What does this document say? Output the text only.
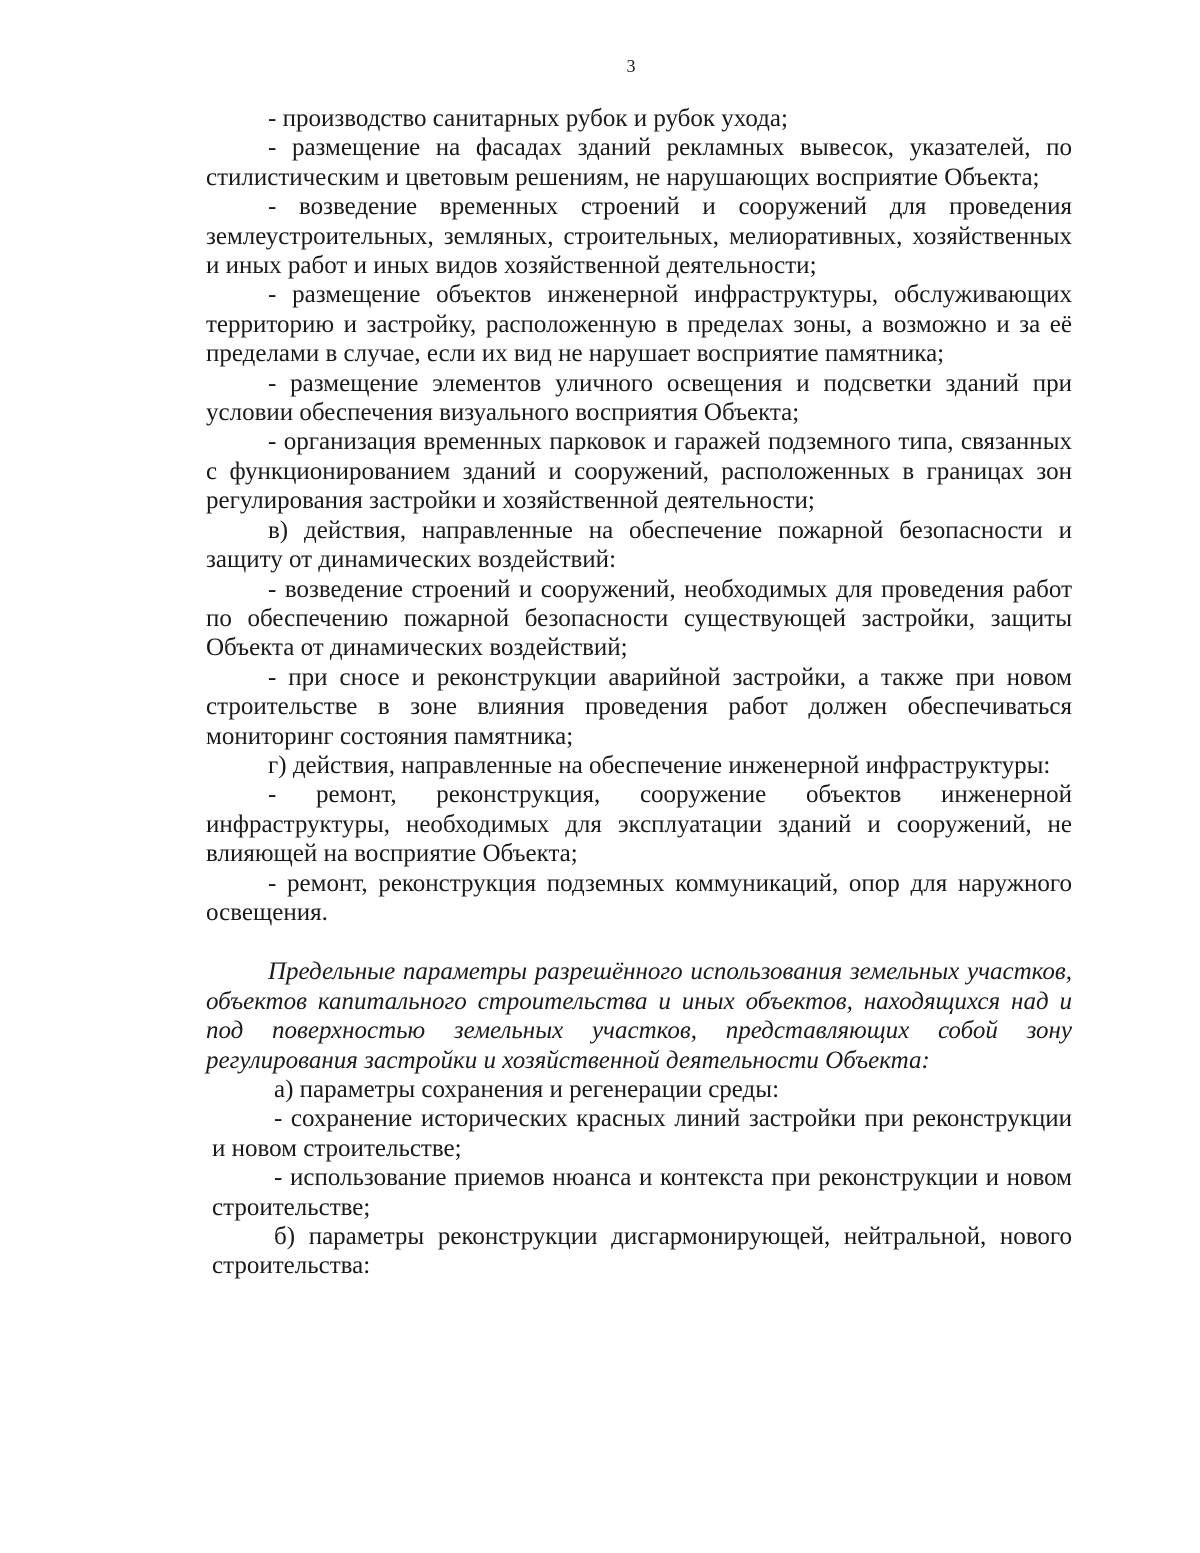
3

- производство санитарных рубок и рубок ухода;

- размещение на фасадах зданий рекламных вывесок, указателей, по стилистическим и цветовым решениям, не нарушающих восприятие Объекта;

- возведение временных строений и сооружений для проведения землеустроительных, земляных, строительных, мелиоративных, хозяйственных и иных работ и иных видов хозяйственной деятельности;

- размещение объектов инженерной инфраструктуры, обслуживающих территорию и застройку, расположенную в пределах зоны, а возможно и за её пределами в случае, если их вид не нарушает восприятие памятника;

- размещение элементов уличного освещения и подсветки зданий при условии обеспечения визуального восприятия Объекта;

- организация временных парковок и гаражей подземного типа, связанных с функционированием зданий и сооружений, расположенных в границах зон регулирования застройки и хозяйственной деятельности;

в) действия, направленные на обеспечение пожарной безопасности и защиту от динамических воздействий:

- возведение строений и сооружений, необходимых для проведения работ по обеспечению пожарной безопасности существующей застройки, защиты Объекта от динамических воздействий;

- при сносе и реконструкции аварийной застройки, а также при новом строительстве в зоне влияния проведения работ должен обеспечиваться мониторинг состояния памятника;

г) действия, направленные на обеспечение инженерной инфраструктуры:

- ремонт, реконструкция, сооружение объектов инженерной инфраструктуры, необходимых для эксплуатации зданий и сооружений, не влияющей на восприятие Объекта;

- ремонт, реконструкция подземных коммуникаций, опор для наружного освещения.

Предельные параметры разрешённого использования земельных участков, объектов капитального строительства и иных объектов, находящихся над и под поверхностью земельных участков, представляющих собой зону регулирования застройки и хозяйственной деятельности Объекта:

а) параметры сохранения и регенерации среды:

- сохранение исторических красных линий застройки при реконструкции и новом строительстве;

- использование приемов нюанса и контекста при реконструкции и новом строительстве;

б) параметры реконструкции дисгармонирующей, нейтральной, нового строительства:
